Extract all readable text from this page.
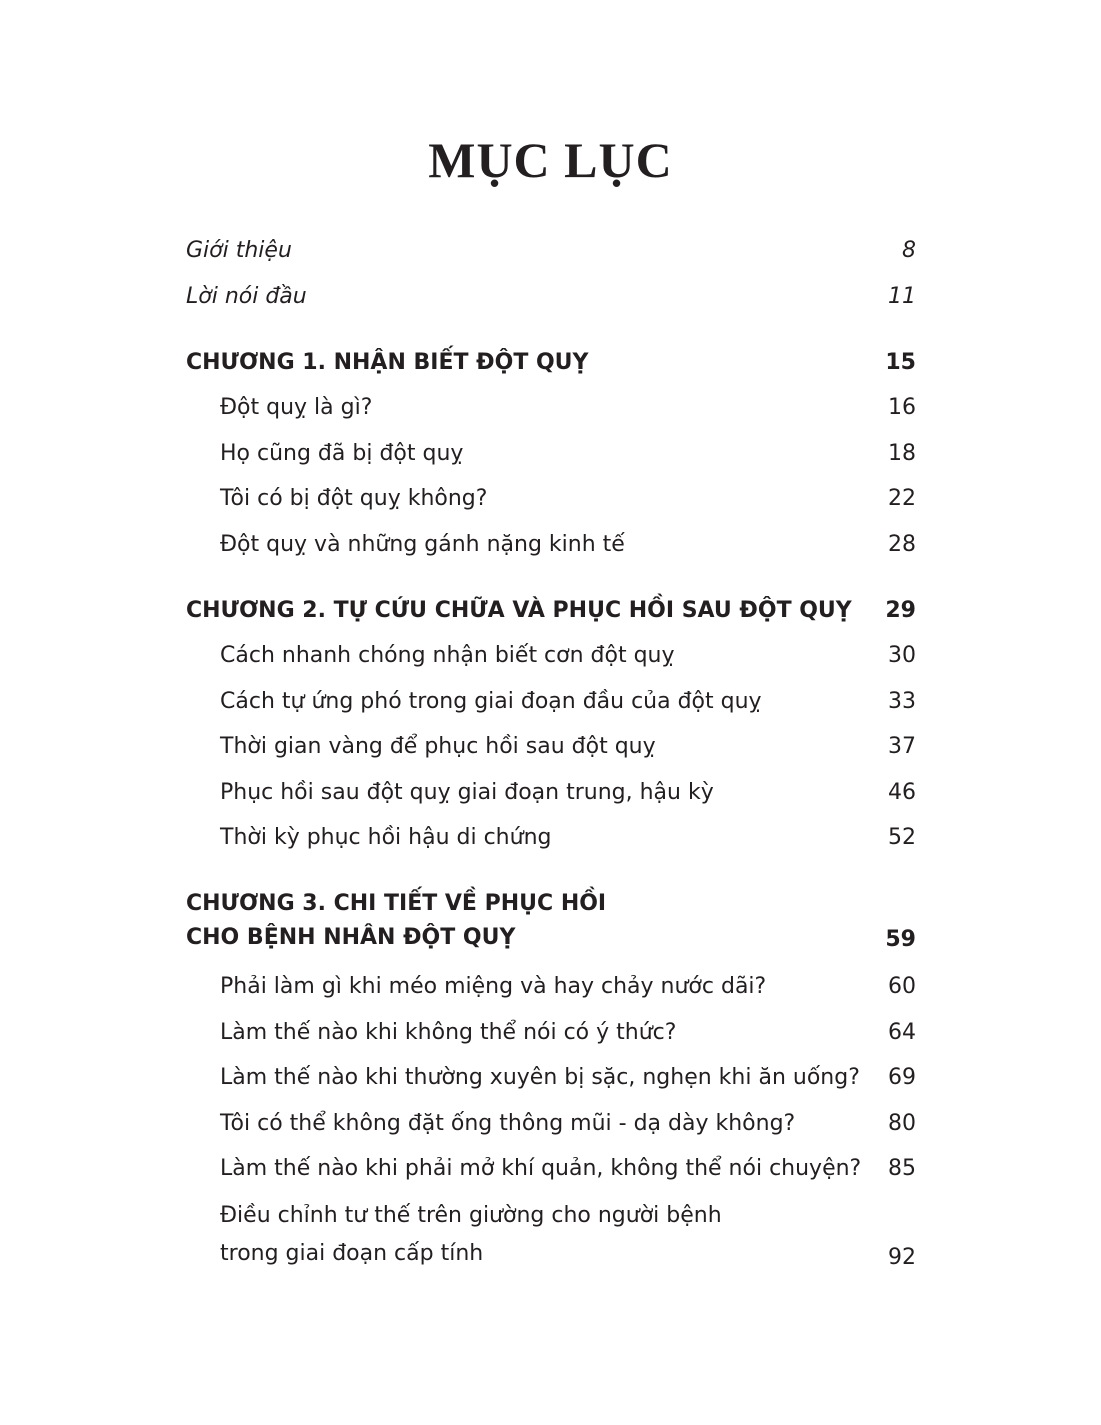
MỤC LỤC
Giới thiệu	8
Lời nói đầu	11
CHƯƠNG 1. NHẬN BIẾT ĐỘT QUỴ	15
Đột quỵ là gì?	16
Họ cũng đã bị đột quỵ	18
Tôi có bị đột quỵ không?	22
Đột quỵ và những gánh nặng kinh tế	28
CHƯƠNG 2. TỰ CỨU CHỮA VÀ PHỤC HỒI SAU ĐỘT QUỴ 29
Cách nhanh chóng nhận biết cơn đột quỵ	30
Cách tự ứng phó trong giai đoạn đầu của đột quỵ	33
Thời gian vàng để phục hồi sau đột quỵ	37
Phục hồi sau đột quỵ giai đoạn trung, hậu kỳ	46
Thời kỳ phục hồi hậu di chứng	52
CHƯƠNG 3. CHI TIẾT VỀ PHỤC HỒI
CHO BỆNH NHÂN ĐỘT QUỴ	59
Phải làm gì khi méo miệng và hay chảy nước dãi?	60
Làm thế nào khi không thể nói có ý thức?	64
Làm thế nào khi thường xuyên bị sặc, nghẹn khi ăn uống? 69
Tôi có thể không đặt ống thông mũi - dạ dày không?	80
Làm thế nào khi phải mở khí quản, không thể nói chuyện? 85
Điều chỉnh tư thế trên giường cho người bệnh
trong giai đoạn cấp tính	92
